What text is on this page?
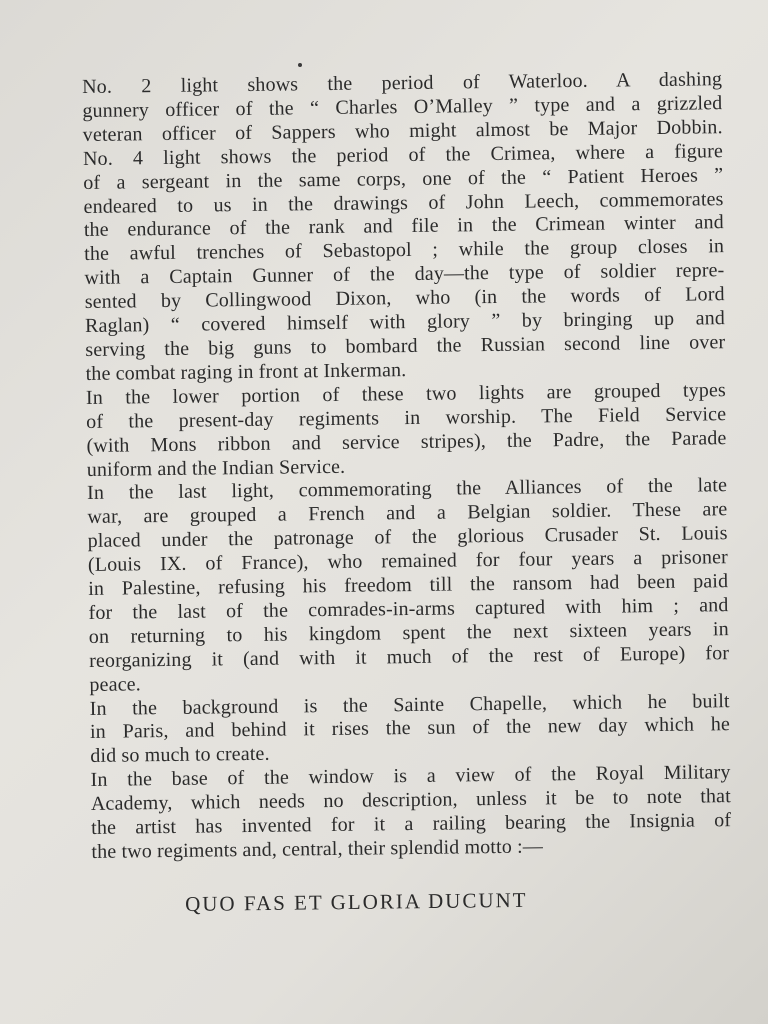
No. 2 light shows the period of Waterloo. A dashing
gunnery officer of the “ Charles O’Malley ” type and a grizzled
veteran officer of Sappers who might almost be Major Dobbin.
No. 4 light shows the period of the Crimea, where a figure
of a sergeant in the same corps, one of the “ Patient Heroes ”
endeared to us in the drawings of John Leech, commemorates
the endurance of the rank and file in the Crimean winter and
the awful trenches of Sebastopol ; while the group closes in
with a Captain Gunner of the day—the type of soldier repre-
sented by Collingwood Dixon, who (in the words of Lord
Raglan) “ covered himself with glory ” by bringing up and
serving the big guns to bombard the Russian second line over
the combat raging in front at Inkerman.
In the lower portion of these two lights are grouped types
of the present-day regiments in worship. The Field Service
(with Mons ribbon and service stripes), the Padre, the Parade
uniform and the Indian Service.
In the last light, commemorating the Alliances of the late
war, are grouped a French and a Belgian soldier. These are
placed under the patronage of the glorious Crusader St. Louis
(Louis IX. of France), who remained for four years a prisoner
in Palestine, refusing his freedom till the ransom had been paid
for the last of the comrades-in-arms captured with him ; and
on returning to his kingdom spent the next sixteen years in
reorganizing it (and with it much of the rest of Europe) for
peace.
In the background is the Sainte Chapelle, which he built
in Paris, and behind it rises the sun of the new day which he
did so much to create.
In the base of the window is a view of the Royal Military
Academy, which needs no description, unless it be to note that
the artist has invented for it a railing bearing the Insignia of
the two regiments and, central, their splendid motto :—
QUO FAS ET GLORIA DUCUNT
